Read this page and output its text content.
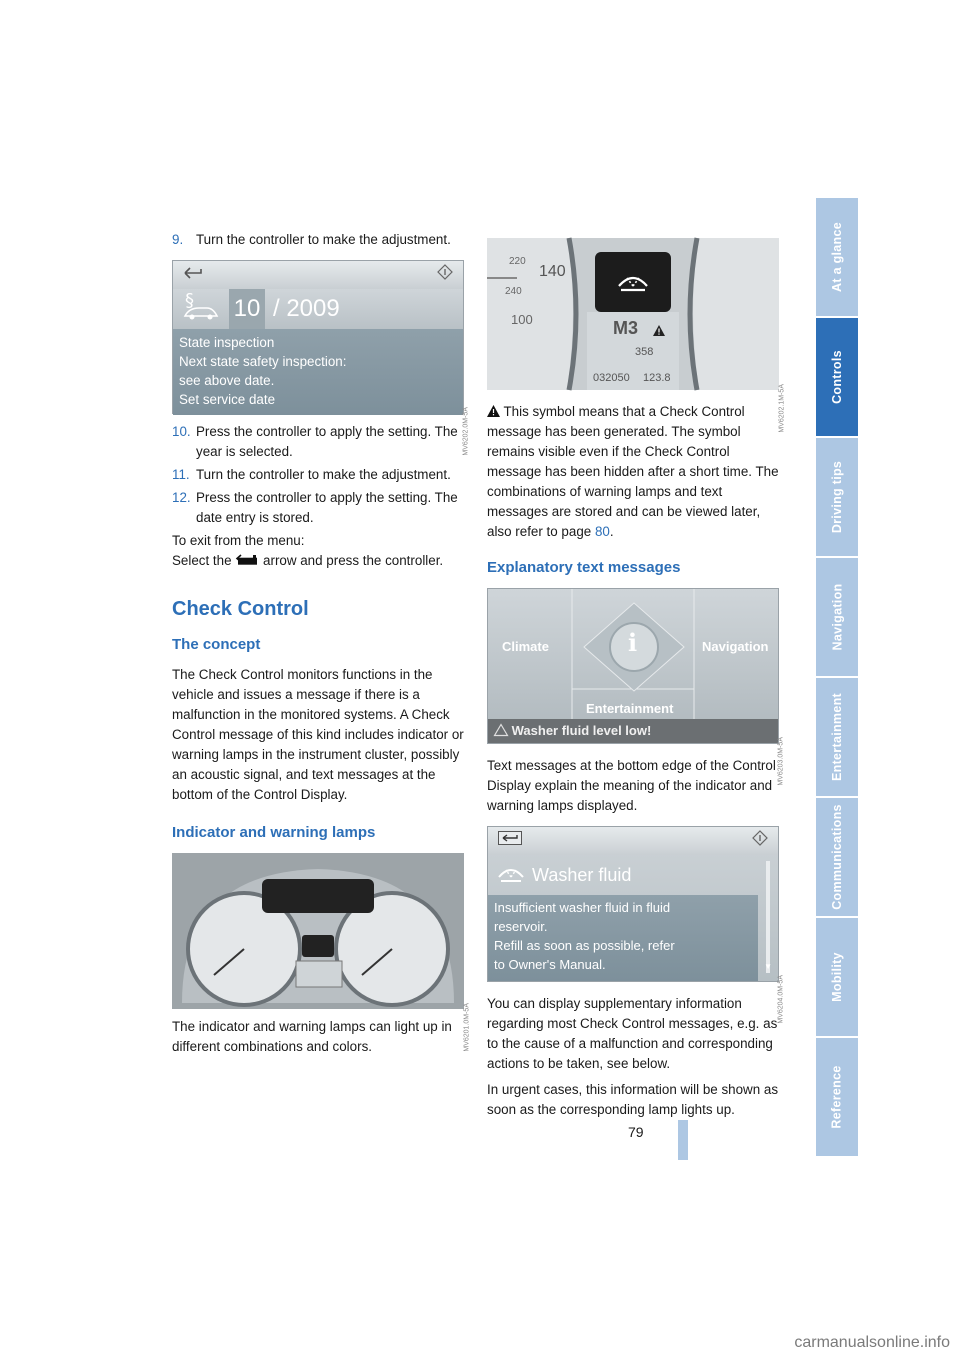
9. Turn the controller to make the adjustment.
§ 10 / 2009
State inspection
Next state safety inspection:
see above date.
Set service date
MV6202.0M-5A
10. Press the controller to apply the setting. The year is selected.
11. Turn the controller to make the adjustment.
12. Press the controller to apply the setting. The date entry is stored.

To exit from the menu:

Select the arrow and press the controller.

Check Control
The concept

The Check Control monitors functions in the vehicle and issues a message if there is a malfunction in the monitored systems. A Check Control message of this kind includes indicator or warning lamps in the instrument cluster, possibly an acoustic signal, and text messages at the bottom of the Control Display.

Indicator and warning lamps
MV6201.0M-5A

The indicator and warning lamps can light up in different combinations and colors.

220
140
240
100	M3
358
032050 123.8
MV6202.1M-5A

This symbol means that a Check Control message has been generated. The symbol remains visible even if the Check Control message has been hidden after a short time. The combinations of warning lamps and text messages are stored and can be viewed later, also refer to page 80.

Explanatory text messages
i
Climate	Navigation
Entertainment
Washer fluid level low!
MV6203.0M-5A

Text messages at the bottom edge of the Control Display explain the meaning of the indicator and warning lamps displayed.

Washer fluid
Insufficient washer fluid in fluid
reservoir.
Refill as soon as possible, refer
to Owner's Manual.	▼
MV6204.0M-5A

You can display supplementary information regarding most Check Control messages, e.g. as to the cause of a malfunction and corresponding actions to be taken, see below.

In urgent cases, this information will be shown as soon as the corresponding lamp lights up.

At a glance
Controls
Driving tips
Navigation
Entertainment
Communications
Mobility
Reference
79
carmanualsonline.info
